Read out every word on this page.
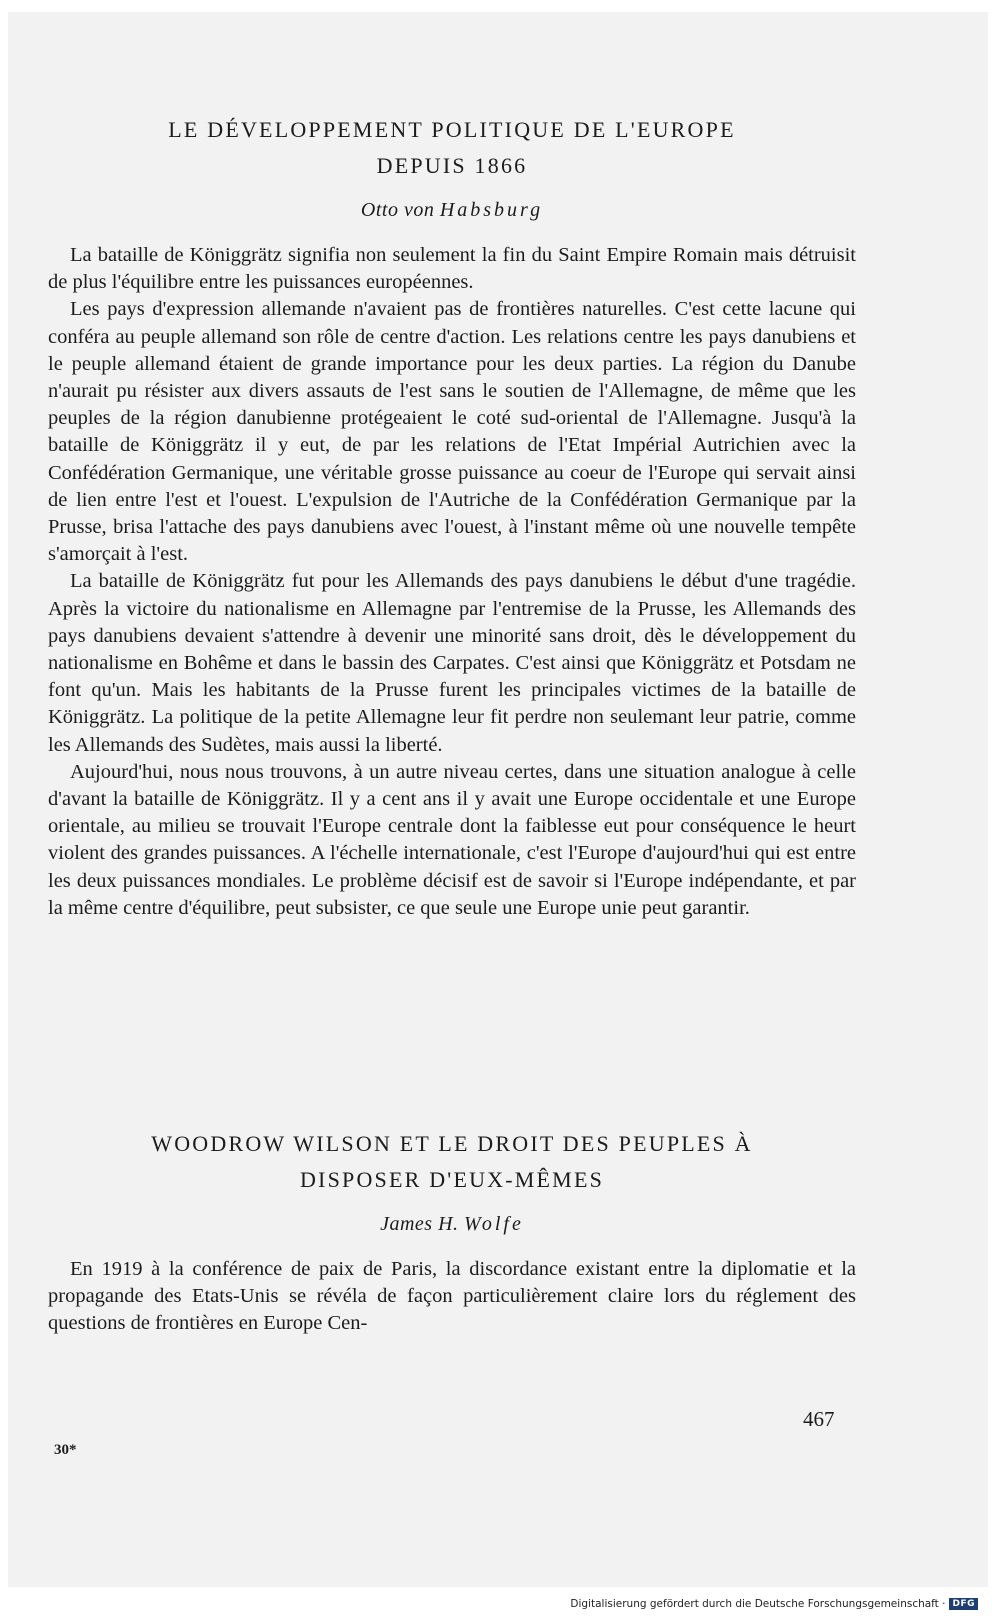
LE DÉVELOPPEMENT POLITIQUE DE L'EUROPE
DEPUIS 1866
Otto von Habsburg

La bataille de Königgrätz signifia non seulement la fin du Saint Empire Romain mais détruisit de plus l'équilibre entre les puissances européennes.

Les pays d'expression allemande n'avaient pas de frontières naturelles. C'est cette lacune qui conféra au peuple allemand son rôle de centre d'action. Les relations centre les pays danubiens et le peuple allemand étaient de grande importance pour les deux parties. La région du Danube n'aurait pu résister aux divers assauts de l'est sans le soutien de l'Allemagne, de même que les peuples de la région danubienne protégeaient le coté sud-oriental de l'Allemagne. Jusqu'à la bataille de Königgrätz il y eut, de par les relations de l'Etat Impérial Autrichien avec la Confédération Germanique, une véritable grosse puissance au coeur de l'Europe qui servait ainsi de lien entre l'est et l'ouest. L'expulsion de l'Autriche de la Confédération Germanique par la Prusse, brisa l'attache des pays danubiens avec l'ouest, à l'instant même où une nouvelle tempête s'amorçait à l'est.

La bataille de Königgrätz fut pour les Allemands des pays danubiens le début d'une tragédie. Après la victoire du nationalisme en Allemagne par l'entremise de la Prusse, les Allemands des pays danubiens devaient s'attendre à devenir une minorité sans droit, dès le développement du nationalisme en Bohême et dans le bassin des Carpates. C'est ainsi que Königgrätz et Potsdam ne font qu'un. Mais les habitants de la Prusse furent les principales victimes de la bataille de Königgrätz. La politique de la petite Allemagne leur fit perdre non seulemant leur patrie, comme les Allemands des Sudètes, mais aussi la liberté.

Aujourd'hui, nous nous trouvons, à un autre niveau certes, dans une situation analogue à celle d'avant la bataille de Königgrätz. Il y a cent ans il y avait une Europe occidentale et une Europe orientale, au milieu se trouvait l'Europe centrale dont la faiblesse eut pour conséquence le heurt violent des grandes puissances. A l'échelle internationale, c'est l'Europe d'aujourd'hui qui est entre les deux puissances mondiales. Le problème décisif est de savoir si l'Europe indépendante, et par la même centre d'équilibre, peut subsister, ce que seule une Europe unie peut garantir.

WOODROW WILSON ET LE DROIT DES PEUPLES À
DISPOSER D'EUX-MÊMES
James H. Wolfe

En 1919 à la conférence de paix de Paris, la discordance existant entre la diplomatie et la propagande des Etats-Unis se révéla de façon particulièrement claire lors du réglement des questions de frontières en Europe Cen-

467
30*
Digitalisierung gefördert durch die Deutsche Forschungsgemeinschaft · DFG
